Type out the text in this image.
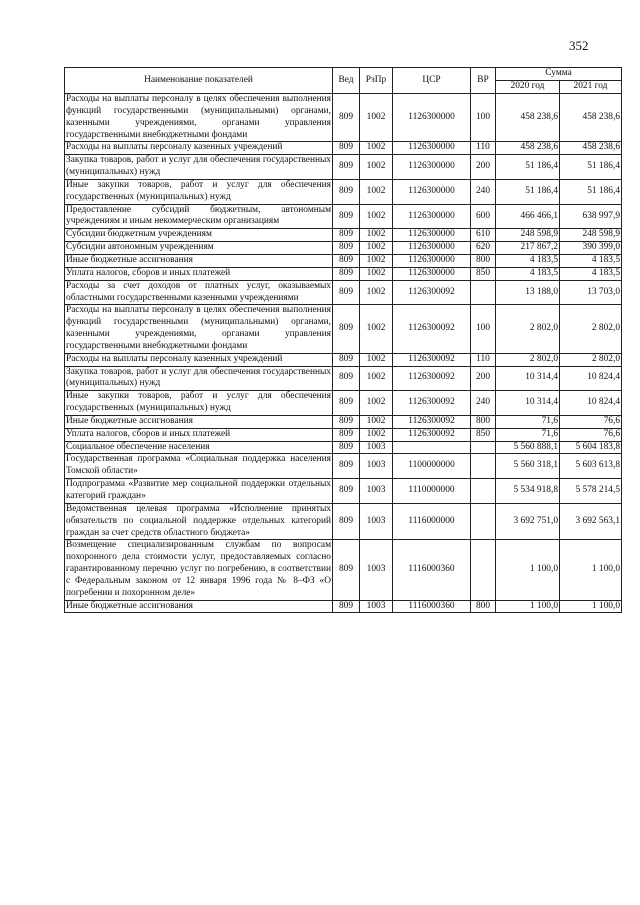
352
Наименование показателей	Вед	РзПр	ЦСР	ВР	Сумма	
					2020 год	2021 год
Расходы на выплаты персоналу в целях обеспечения выполнения функций государственными (муниципальными) органами, казенными учреждениями, органами управления государственными внебюджетными фондами	809	1002	1126300000	100	458 238,6	458 238,6
Расходы на выплаты персоналу казенных учреждений	809	1002	1126300000	110	458 238,6	458 238,6
Закупка товаров, работ и услуг для обеспечения государственных (муниципальных) нужд	809	1002	1126300000	200	51 186,4	51 186,4
Иные закупки товаров, работ и услуг для обеспечения государственных (муниципальных) нужд	809	1002	1126300000	240	51 186,4	51 186,4
Предоставление субсидий бюджетным, автономным учреждениям и иным некоммерческим организациям	809	1002	1126300000	600	466 466,1	638 997,9
Субсидии бюджетным учреждениям	809	1002	1126300000	610	248 598,9	248 598,9
Субсидии автономным учреждениям	809	1002	1126300000	620	217 867,2	390 399,0
Иные бюджетные ассигнования	809	1002	1126300000	800	4 183,5	4 183,5
Уплата налогов, сборов и иных платежей	809	1002	1126300000	850	4 183,5	4 183,5
Расходы за счет доходов от платных услуг, оказываемых областными государственными казенными учреждениями	809	1002	1126300092		13 188,0	13 703,0
Расходы на выплаты персоналу в целях обеспечения выполнения функций государственными (муниципальными) органами, казенными учреждениями, органами управления государственными внебюджетными фондами	809	1002	1126300092	100	2 802,0	2 802,0
Расходы на выплаты персоналу казенных учреждений	809	1002	1126300092	110	2 802,0	2 802,0
Закупка товаров, работ и услуг для обеспечения государственных (муниципальных) нужд	809	1002	1126300092	200	10 314,4	10 824,4
Иные закупки товаров, работ и услуг для обеспечения государственных (муниципальных) нужд	809	1002	1126300092	240	10 314,4	10 824,4
Иные бюджетные ассигнования	809	1002	1126300092	800	71,6	76,6
Уплата налогов, сборов и иных платежей	809	1002	1126300092	850	71,6	76,6
Социальное обеспечение населения	809	1003			5 560 888,1	5 604 183,8
Государственная программа «Социальная поддержка населения Томской области»	809	1003	1100000000		5 560 318,1	5 603 613,8
Подпрограмма «Развитие мер социальной поддержки отдельных категорий граждан»	809	1003	1110000000		5 534 918,8	5 578 214,5
Ведомственная целевая программа «Исполнение принятых обязательств по социальной поддержке отдельных категорий граждан за счет средств областного бюджета»	809	1003	1116000000		3 692 751,0	3 692 563,1
Возмещение специализированным службам по вопросам похоронного дела стоимости услуг, предоставляемых согласно гарантированному перечню услуг по погребению, в соответствии с Федеральным законом от 12 января 1996 года № 8–ФЗ «О погребении и похоронном деле»	809	1003	1116000360		1 100,0	1 100,0
Иные бюджетные ассигнования	809	1003	1116000360	800	1 100,0	1 100,0
